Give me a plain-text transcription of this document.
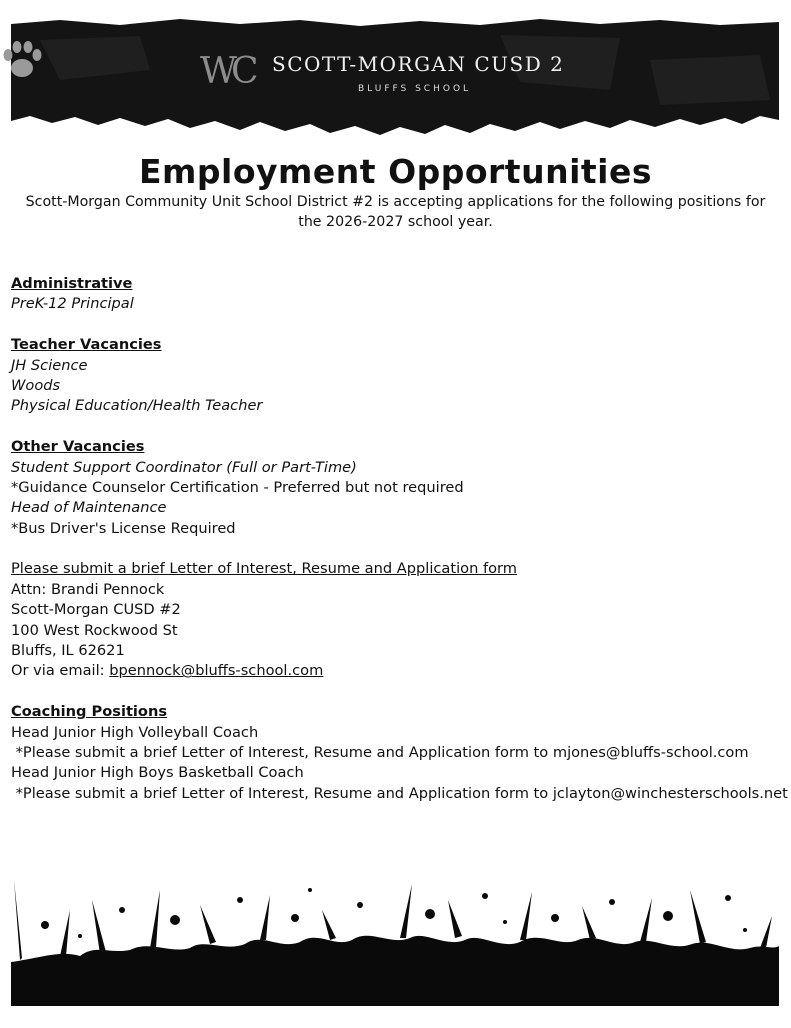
WC SCOTT-MORGAN CUSD 2
BLUFFS SCHOOL
Employment Opportunities

Scott-Morgan Community Unit School District #2 is accepting applications for the following positions for the 2026-2027 school year.

Administrative
PreK-12 Principal
Teacher Vacancies
JH Science
Woods
Physical Education/Health Teacher
Other Vacancies
Student Support Coordinator (Full or Part-Time)
*Guidance Counselor Certification - Preferred but not required
Head of Maintenance
*Bus Driver's License Required
Please submit a brief Letter of Interest, Resume and Application form
Attn: Brandi Pennock
Scott-Morgan CUSD #2
100 West Rockwood St
Bluffs, IL 62621
Or via email: bpennock@bluffs-school.com
Coaching Positions
Head Junior High Volleyball Coach
*Please submit a brief Letter of Interest, Resume and Application form to mjones@bluffs-school.com
Head Junior High Boys Basketball Coach
*Please submit a brief Letter of Interest, Resume and Application form to jclayton@winchesterschools.net
